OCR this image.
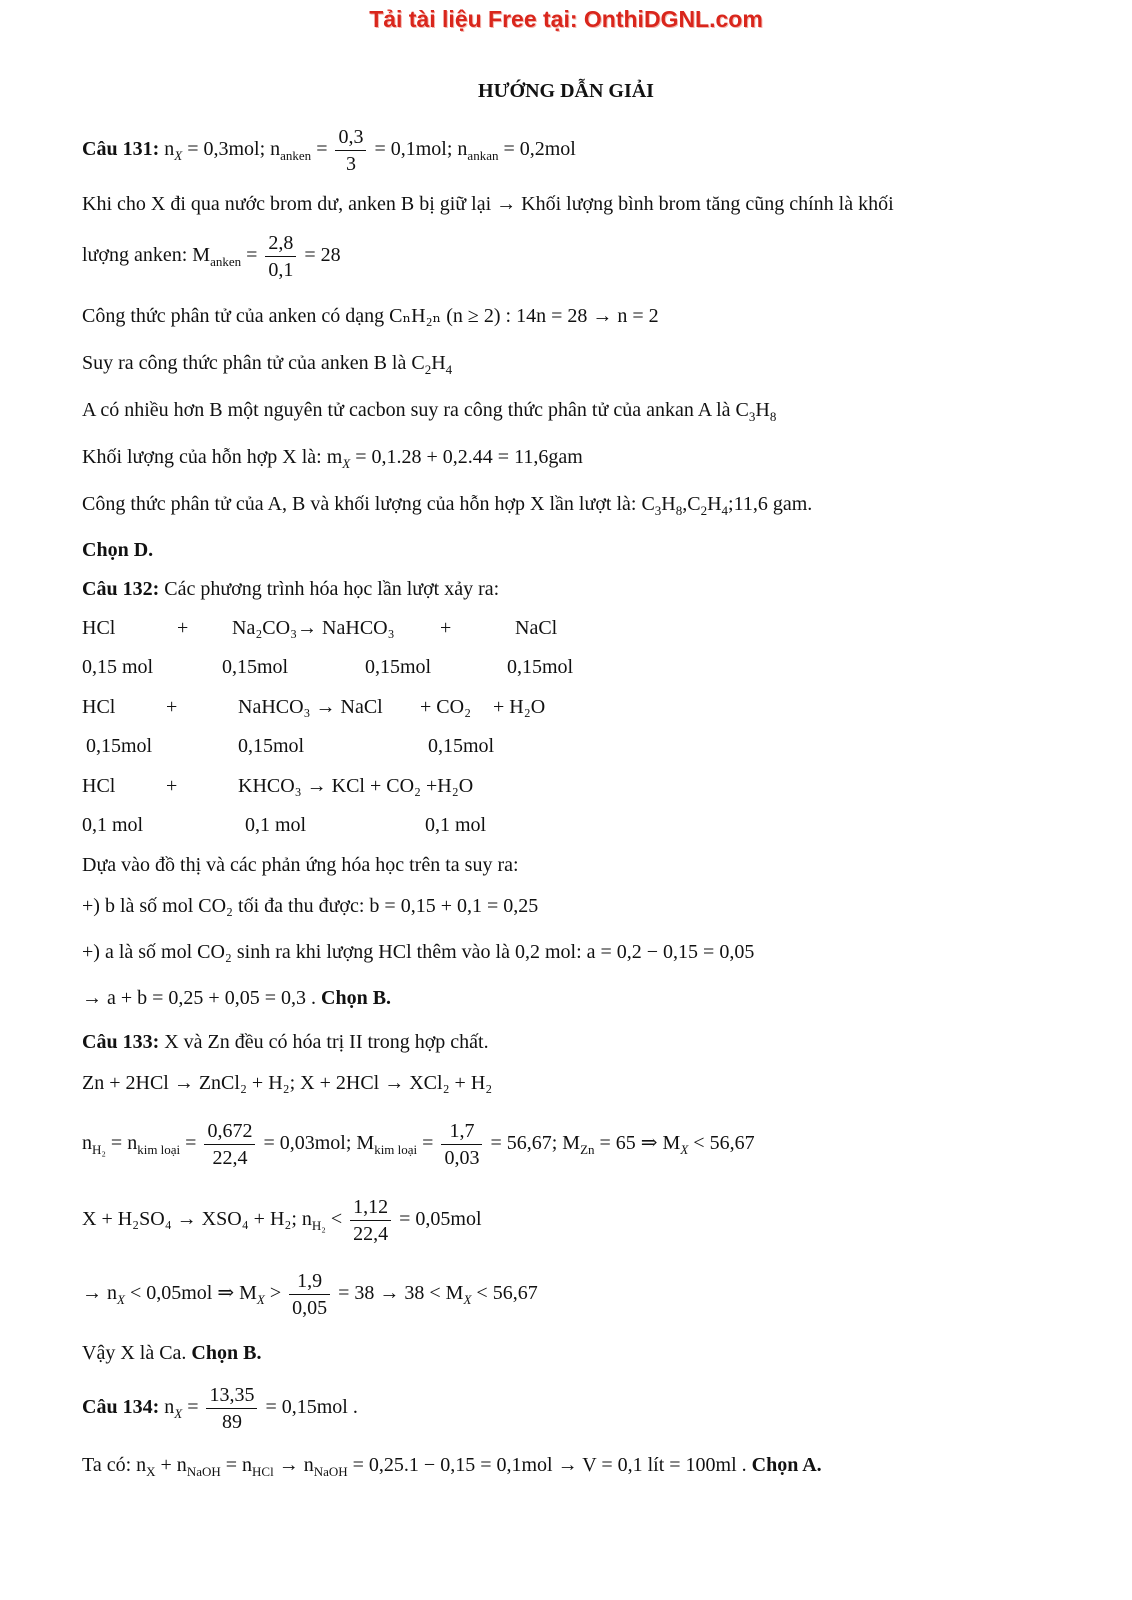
Tải tài liệu Free tại: OnthiDGNL.com
HƯỚNG DẪN GIẢI
Câu 131: $n_X = 0,3mol$; $n_{anken} = \frac{0,3}{3} = 0,1mol$; $n_{ankan} = 0,2mol$
Khi cho X đi qua nước brom dư, anken B bị giữ lại → Khối lượng bình brom tăng cũng chính là khối
lượng anken: $M_{anken} = \frac{2,8}{0,1} = 28$
Công thức phân tử của anken có dạng CₙH₂ₙ (n ≥ 2) : 14n = 28 → n = 2
Suy ra công thức phân tử của anken B là $C_2H_4$
A có nhiều hơn B một nguyên tử cacbon suy ra công thức phân tử của ankan A là $C_3H_8$
Khối lượng của hỗn hợp X là: $m_X = 0,1.28 + 0,2.44 = 11,6gam$
Công thức phân tử của A, B và khối lượng của hỗn hợp X lần lượt là: $C_3H_8,C_2H_4;11,6$ gam.
Chọn D.
Câu 132: Các phương trình hóa học lần lượt xảy ra:
HCl	+ Na₂CO₃→ NaHCO₃ +	NaCl
0,15 mol	0,15mol	0,15mol	0,15mol
HCl	+	NaHCO₃ → NaCl + CO₂ + H₂O
0,15mol	0,15mol	0,15mol
HCl	+	KHCO₃ → KCl + CO₂ +H₂O
0,1 mol	0,1 mol	0,1 mol
Dựa vào đồ thị và các phản ứng hóa học trên ta suy ra:
+) b là số mol CO₂ tối đa thu được: b = 0,15 + 0,1 = 0,25
+) a là số mol CO₂ sinh ra khi lượng HCl thêm vào là 0,2 mol: a = 0,2 − 0,15 = 0,05
→ a + b = 0,25 + 0,05 = 0,3 . Chọn B.
Câu 133: X và Zn đều có hóa trị II trong hợp chất.
Zn + 2HCl → ZnCl₂ + H₂; X + 2HCl → XCl₂ + H₂
$n_{H_2} = n_{kim loại} = \frac{0,672}{22,4} = 0,03mol$; $M_{kim loại} = \frac{1,7}{0,03} = 56,67$; $M_{Zn} = 65$ ⇒ $M_X < 56,67$
X + H₂SO₄ → XSO₄ + H₂; $n_{H_2} < \frac{1,12}{22,4} = 0,05mol$
→ $n_X < 0,05mol$ ⇒ $M_X > \frac{1,9}{0,05} = 38 \to 38 < M_X < 56,67$
Vậy X là Ca. Chọn B.
Câu 134: $n_X = \frac{13,35}{89} = 0,15mol$ .
Ta có: $n_X + n_{NaOH} = n_{HCl} \to n_{NaOH} = 0,25.1 - 0,15 = 0,1mol \to V = 0,1$ lít = 100ml . Chọn A.
